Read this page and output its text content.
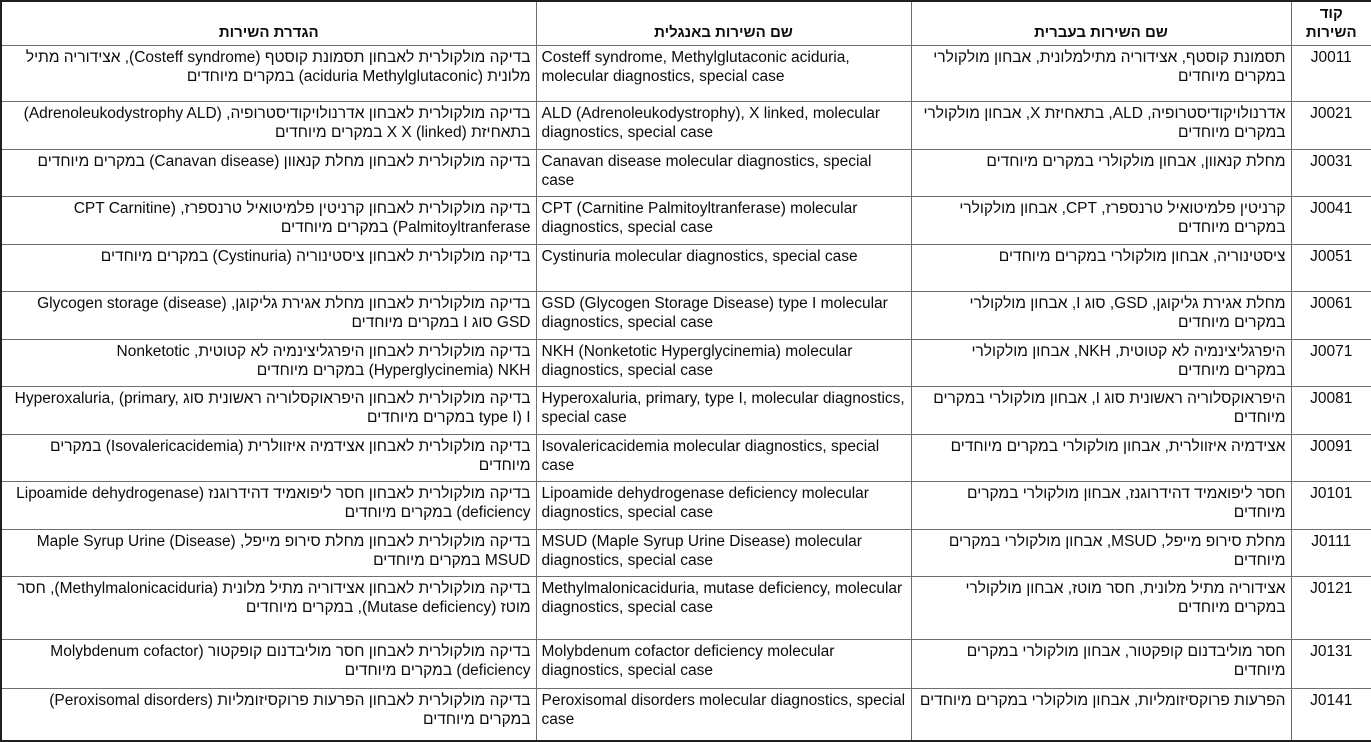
קוד השירות	שם השירות בעברית	שם השירות באנגלית	הגדרת השירות
J0011	תסמונת קוסטף, אצידוריה מתילמלונית, אבחון מולקולרי במקרים מיוחדים	Costeff syndrome, Methylglutaconic aciduria, molecular diagnostics, special case	בדיקה מולקולרית לאבחון תסמונת קוסטף (Costeff syndrome), אצידוריה מתיל מלונית (aciduria Methylglutaconic) במקרים מיוחדים
J0021	אדרנולויקודיסטרופיה, ALD, בתאחיזת X, אבחון מולקולרי במקרים מיוחדים	ALD (Adrenoleukodystrophy), X linked, molecular diagnostics, special case	בדיקה מולקולרית לאבחון אדרנולויקודיסטרופיה, (Adrenoleukodystrophy ALD) בתאחיזת X X (linked) במקרים מיוחדים
J0031	מחלת קנאוון, אבחון מולקולרי במקרים מיוחדים	Canavan disease molecular diagnostics, special case	בדיקה מולקולרית לאבחון מחלת קנאוון (Canavan disease) במקרים מיוחדים
J0041	קרניטין פלמיטואיל טרנספרז, CPT, אבחון מולקולרי במקרים מיוחדים	CPT (Carnitine Palmitoyltranferase) molecular diagnostics, special case	בדיקה מולקולרית לאבחון קרניטין פלמיטואיל טרנספרז, (CPT Carnitine Palmitoyltranferase) במקרים מיוחדים
J0051	ציסטינוריה, אבחון מולקולרי במקרים מיוחדים	Cystinuria molecular diagnostics, special case	בדיקה מולקולרית לאבחון ציסטינוריה (Cystinuria) במקרים מיוחדים
J0061	מחלת אגירת גליקוגן, GSD, סוג I, אבחון מולקולרי במקרים מיוחדים	GSD (Glycogen Storage Disease) type I molecular diagnostics, special case	בדיקה מולקולרית לאבחון מחלת אגירת גליקוגן, Glycogen storage (disease) GSD סוג I במקרים מיוחדים
J0071	היפרגליצינמיה לא קטוטית, NKH, אבחון מולקולרי במקרים מיוחדים	NKH (Nonketotic Hyperglycinemia) molecular diagnostics, special case	בדיקה מולקולרית לאבחון היפרגליצינמיה לא קטוטית, Nonketotic (Hyperglycinemia) NKH במקרים מיוחדים
J0081	היפראוקסלוריה ראשונית סוג I, אבחון מולקולרי במקרים מיוחדים	Hyperoxaluria, primary, type I, molecular diagnostics, special case	בדיקה מולקולרית לאבחון היפראוקסלוריה ראשונית סוג Hyperoxaluria, (primary, type I) I במקרים מיוחדים
J0091	אצידמיה איזוולרית, אבחון מולקולרי במקרים מיוחדים	Isovalericacidemia molecular diagnostics, special case	בדיקה מולקולרית לאבחון אצידמיה איזוולרית (Isovalericacidemia) במקרים מיוחדים
J0101	חסר ליפואמיד דהידרוגנז, אבחון מולקולרי במקרים מיוחדים	Lipoamide dehydrogenase deficiency molecular diagnostics, special case	בדיקה מולקולרית לאבחון חסר ליפואמיד דהידרוגנז (Lipoamide dehydrogenase deficiency) במקרים מיוחדים
J0111	מחלת סירופ מייפל, MSUD, אבחון מולקולרי במקרים מיוחדים	MSUD (Maple Syrup Urine Disease) molecular diagnostics, special case	בדיקה מולקולרית לאבחון מחלת סירופ מייפל, Maple Syrup Urine (Disease) MSUD במקרים מיוחדים
J0121	אצידוריה מתיל מלונית, חסר מוטז, אבחון מולקולרי במקרים מיוחדים	Methylmalonicaciduria, mutase deficiency, molecular diagnostics, special case	בדיקה מולקולרית לאבחון אצידוריה מתיל מלונית (Methylmalonicaciduria), חסר מוטז (Mutase deficiency), במקרים מיוחדים
J0131	חסר מוליבדנום קופקטור, אבחון מולקולרי במקרים מיוחדים	Molybdenum cofactor deficiency molecular diagnostics, special case	בדיקה מולקולרית לאבחון חסר מוליבדנום קופקטור (Molybdenum cofactor deficiency) במקרים מיוחדים
J0141	הפרעות פרוקסיזומליות, אבחון מולקולרי במקרים מיוחדים	Peroxisomal disorders molecular diagnostics, special case	בדיקה מולקולרית לאבחון הפרעות פרוקסיזומליות (Peroxisomal disorders) במקרים מיוחדים
